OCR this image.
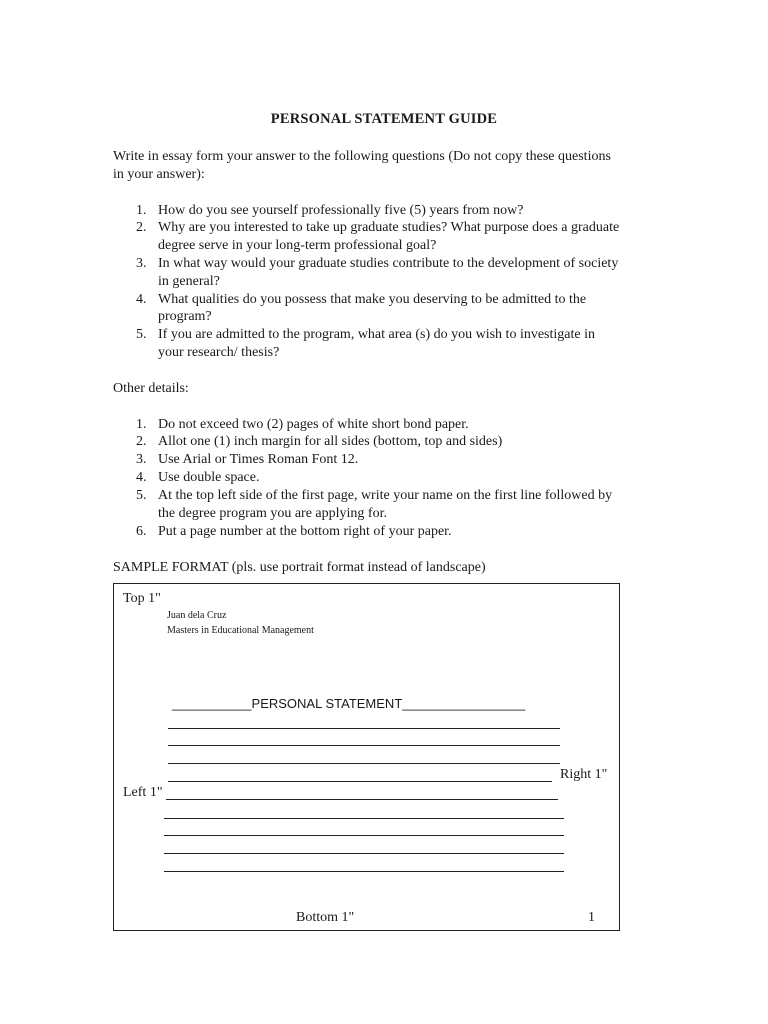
PERSONAL STATEMENT GUIDE
Write in essay form your answer to the following questions (Do not copy these questions
in your answer):
1. How do you see yourself professionally five (5) years from now?
2. Why are you interested to take up graduate studies? What purpose does a graduate
degree serve in your long-term professional goal?
3. In what way would your graduate studies contribute to the development of society
in general?
4. What qualities do you possess that make you deserving to be admitted to the
program?
5. If you are admitted to the program, what area (s) do you wish to investigate in
your research/ thesis?
Other details:
1. Do not exceed two (2) pages of white short bond paper.
2. Allot one (1) inch margin for all sides (bottom, top and sides)
3. Use Arial or Times Roman Font 12.
4. Use double space.
5. At the top left side of the first page, write your name on the first line followed by
the degree program you are applying for.
6. Put a page number at the bottom right of your paper.
SAMPLE FORMAT (pls. use portrait format instead of landscape)
Top 1"
Juan dela Cruz
Masters in Educational Management
___________PERSONAL STATEMENT_________________
Right 1"
Left 1"
Bottom 1"	1
